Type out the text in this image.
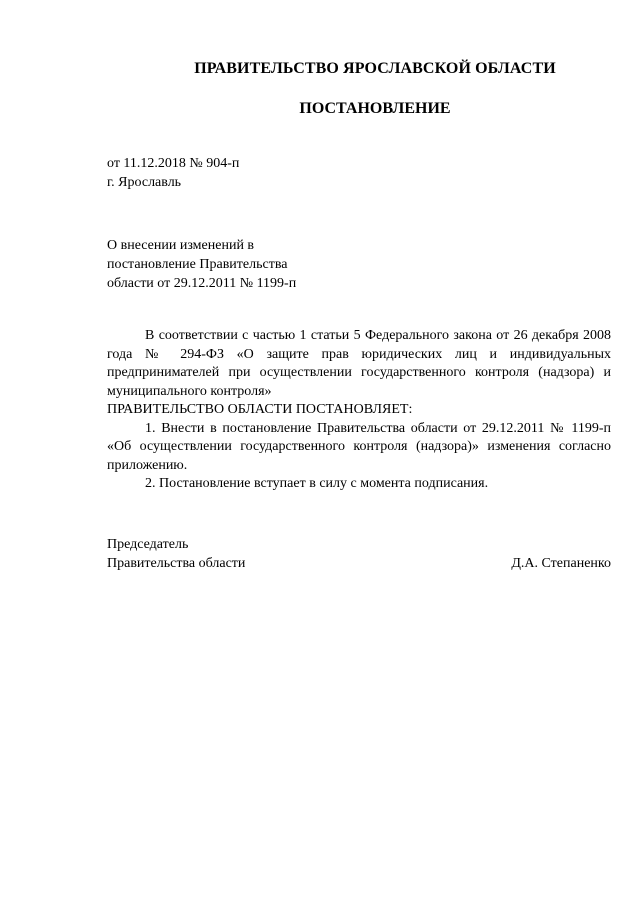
ПРАВИТЕЛЬСТВО ЯРОСЛАВСКОЙ ОБЛАСТИ

ПОСТАНОВЛЕНИЕ

от 11.12.2018 № 904-п
г. Ярославль
О внесении изменений в
постановление Правительства
области от 29.12.2011 № 1199-п

В соответствии с частью 1 статьи 5 Федерального закона от 26 декабря 2008 года № 294-ФЗ «О защите прав юридических лиц и индивидуальных предпринимателей при осуществлении государственного контроля (надзора) и муниципального контроля»

ПРАВИТЕЛЬСТВО ОБЛАСТИ ПОСТАНОВЛЯЕТ:

1. Внести в постановление Правительства области от 29.12.2011 № 1199-п «Об осуществлении государственного контроля (надзора)» изменения согласно приложению.

2. Постановление вступает в силу с момента подписания.

Председатель
Правительства области	Д.А. Степаненко
